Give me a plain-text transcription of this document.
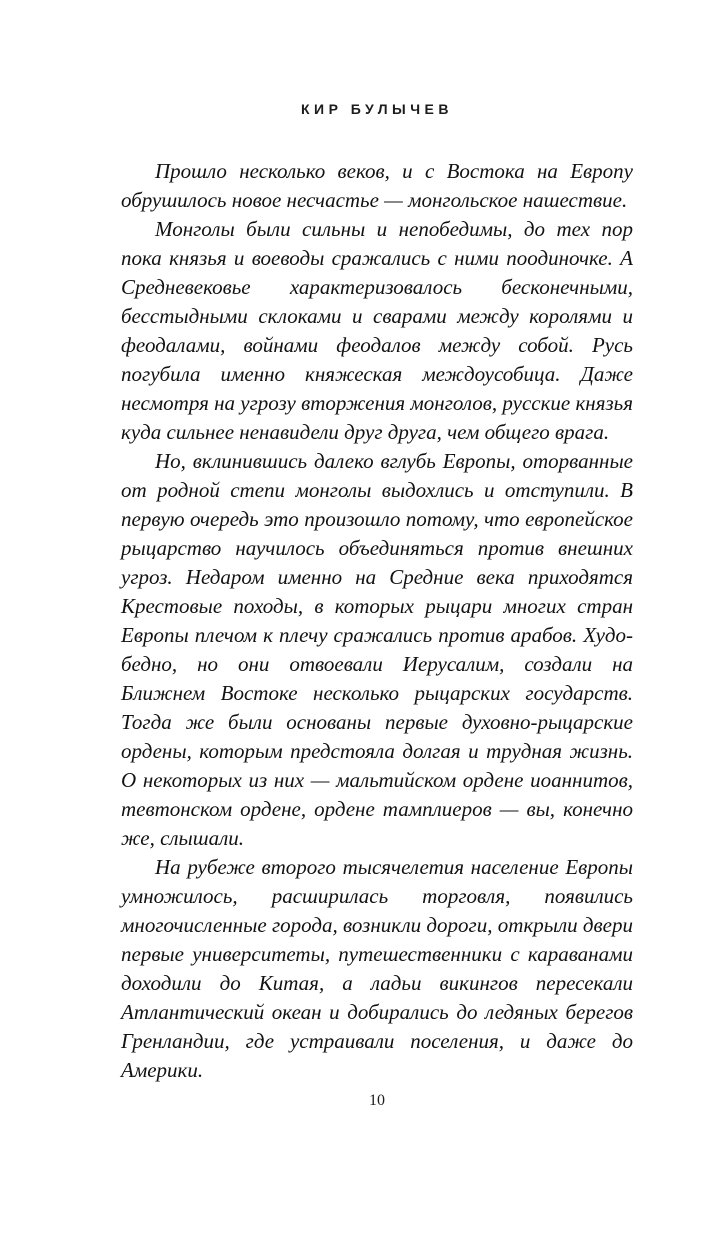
КИР БУЛЫЧЕВ

Прошло несколько веков, и с Востока на Европу обрушилось новое несчастье — монгольское нашествие.

Монголы были сильны и непобедимы, до тех пор пока князья и воеводы сражались с ними поодиночке. А Средневековье характеризовалось бесконечными, бесстыдными склоками и сварами между королями и феодалами, войнами феодалов между собой. Русь погубила именно княжеская междоусобица. Даже несмотря на угрозу вторжения монголов, русские князья куда сильнее ненавидели друг друга, чем общего врага.

Но, вклинившись далеко вглубь Европы, оторванные от родной степи монголы выдохлись и отступили. В первую очередь это произошло потому, что европейское рыцарство научилось объединяться против внешних угроз. Недаром именно на Средние века приходятся Крестовые походы, в которых рыцари многих стран Европы плечом к плечу сражались против арабов. Худо-бедно, но они отвоевали Иерусалим, создали на Ближнем Востоке несколько рыцарских государств. Тогда же были основаны первые духовно-рыцарские ордены, которым предстояла долгая и трудная жизнь. О некоторых из них — мальтийском ордене иоаннитов, тевтонском ордене, ордене тамплиеров — вы, конечно же, слышали.

На рубеже второго тысячелетия население Европы умножилось, расширилась торговля, появились многочисленные города, возникли дороги, открыли двери первые университеты, путешественники с караванами доходили до Китая, а ладьи викингов пересекали Атлантический океан и добирались до ледяных берегов Гренландии, где устраивали поселения, и даже до Америки.

10
